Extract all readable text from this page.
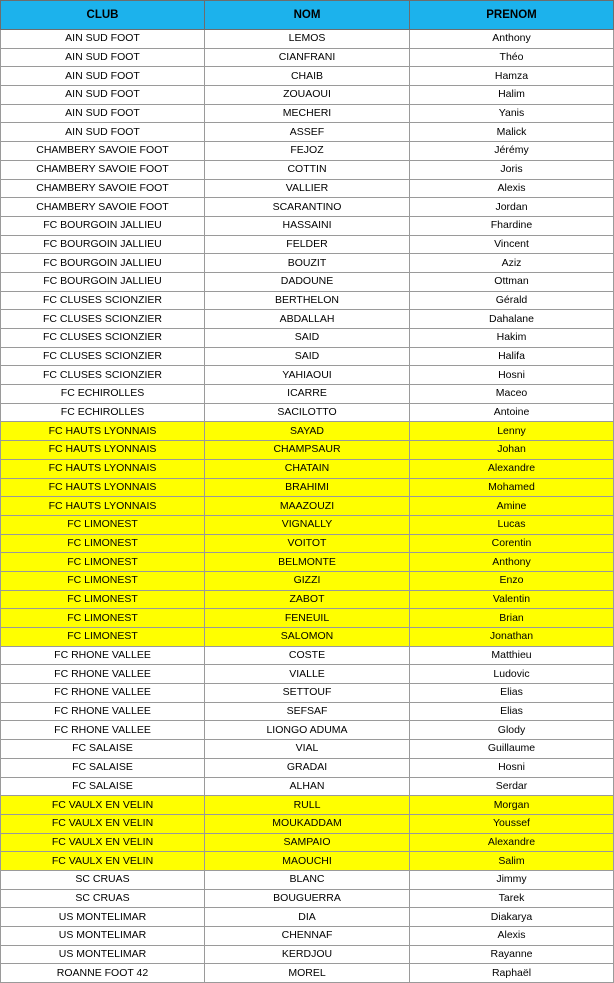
CLUB	NOM	PRENOM
AIN SUD FOOT	LEMOS	Anthony
AIN SUD FOOT	CIANFRANI	Théo
AIN SUD FOOT	CHAIB	Hamza
AIN SUD FOOT	ZOUAOUI	Halim
AIN SUD FOOT	MECHERI	Yanis
AIN SUD FOOT	ASSEF	Malick
CHAMBERY SAVOIE FOOT	FEJOZ	Jérémy
CHAMBERY SAVOIE FOOT	COTTIN	Joris
CHAMBERY SAVOIE FOOT	VALLIER	Alexis
CHAMBERY SAVOIE FOOT	SCARANTINO	Jordan
FC BOURGOIN JALLIEU	HASSAINI	Fhardine
FC BOURGOIN JALLIEU	FELDER	Vincent
FC BOURGOIN JALLIEU	BOUZIT	Aziz
FC BOURGOIN JALLIEU	DADOUNE	Ottman
FC CLUSES SCIONZIER	BERTHELON	Gérald
FC CLUSES SCIONZIER	ABDALLAH	Dahalane
FC CLUSES SCIONZIER	SAID	Hakim
FC CLUSES SCIONZIER	SAID	Halifa
FC CLUSES SCIONZIER	YAHIAOUI	Hosni
FC ECHIROLLES	ICARRE	Maceo
FC ECHIROLLES	SACILOTTO	Antoine
FC HAUTS LYONNAIS	SAYAD	Lenny
FC HAUTS LYONNAIS	CHAMPSAUR	Johan
FC HAUTS LYONNAIS	CHATAIN	Alexandre
FC HAUTS LYONNAIS	BRAHIMI	Mohamed
FC HAUTS LYONNAIS	MAAZOUZI	Amine
FC LIMONEST	VIGNALLY	Lucas
FC LIMONEST	VOITOT	Corentin
FC LIMONEST	BELMONTE	Anthony
FC LIMONEST	GIZZI	Enzo
FC LIMONEST	ZABOT	Valentin
FC LIMONEST	FENEUIL	Brian
FC LIMONEST	SALOMON	Jonathan
FC RHONE VALLEE	COSTE	Matthieu
FC RHONE VALLEE	VIALLE	Ludovic
FC RHONE VALLEE	SETTOUF	Elias
FC RHONE VALLEE	SEFSAF	Elias
FC RHONE VALLEE	LIONGO ADUMA	Glody
FC SALAISE	VIAL	Guillaume
FC SALAISE	GRADAI	Hosni
FC SALAISE	ALHAN	Serdar
FC VAULX EN VELIN	RULL	Morgan
FC VAULX EN VELIN	MOUKADDAM	Youssef
FC VAULX EN VELIN	SAMPAIO	Alexandre
FC VAULX EN VELIN	MAOUCHI	Salim
SC CRUAS	BLANC	Jimmy
SC CRUAS	BOUGUERRA	Tarek
US MONTELIMAR	DIA	Diakarya
US MONTELIMAR	CHENNAF	Alexis
US MONTELIMAR	KERDJOU	Rayanne
ROANNE FOOT 42	MOREL	Raphaël
